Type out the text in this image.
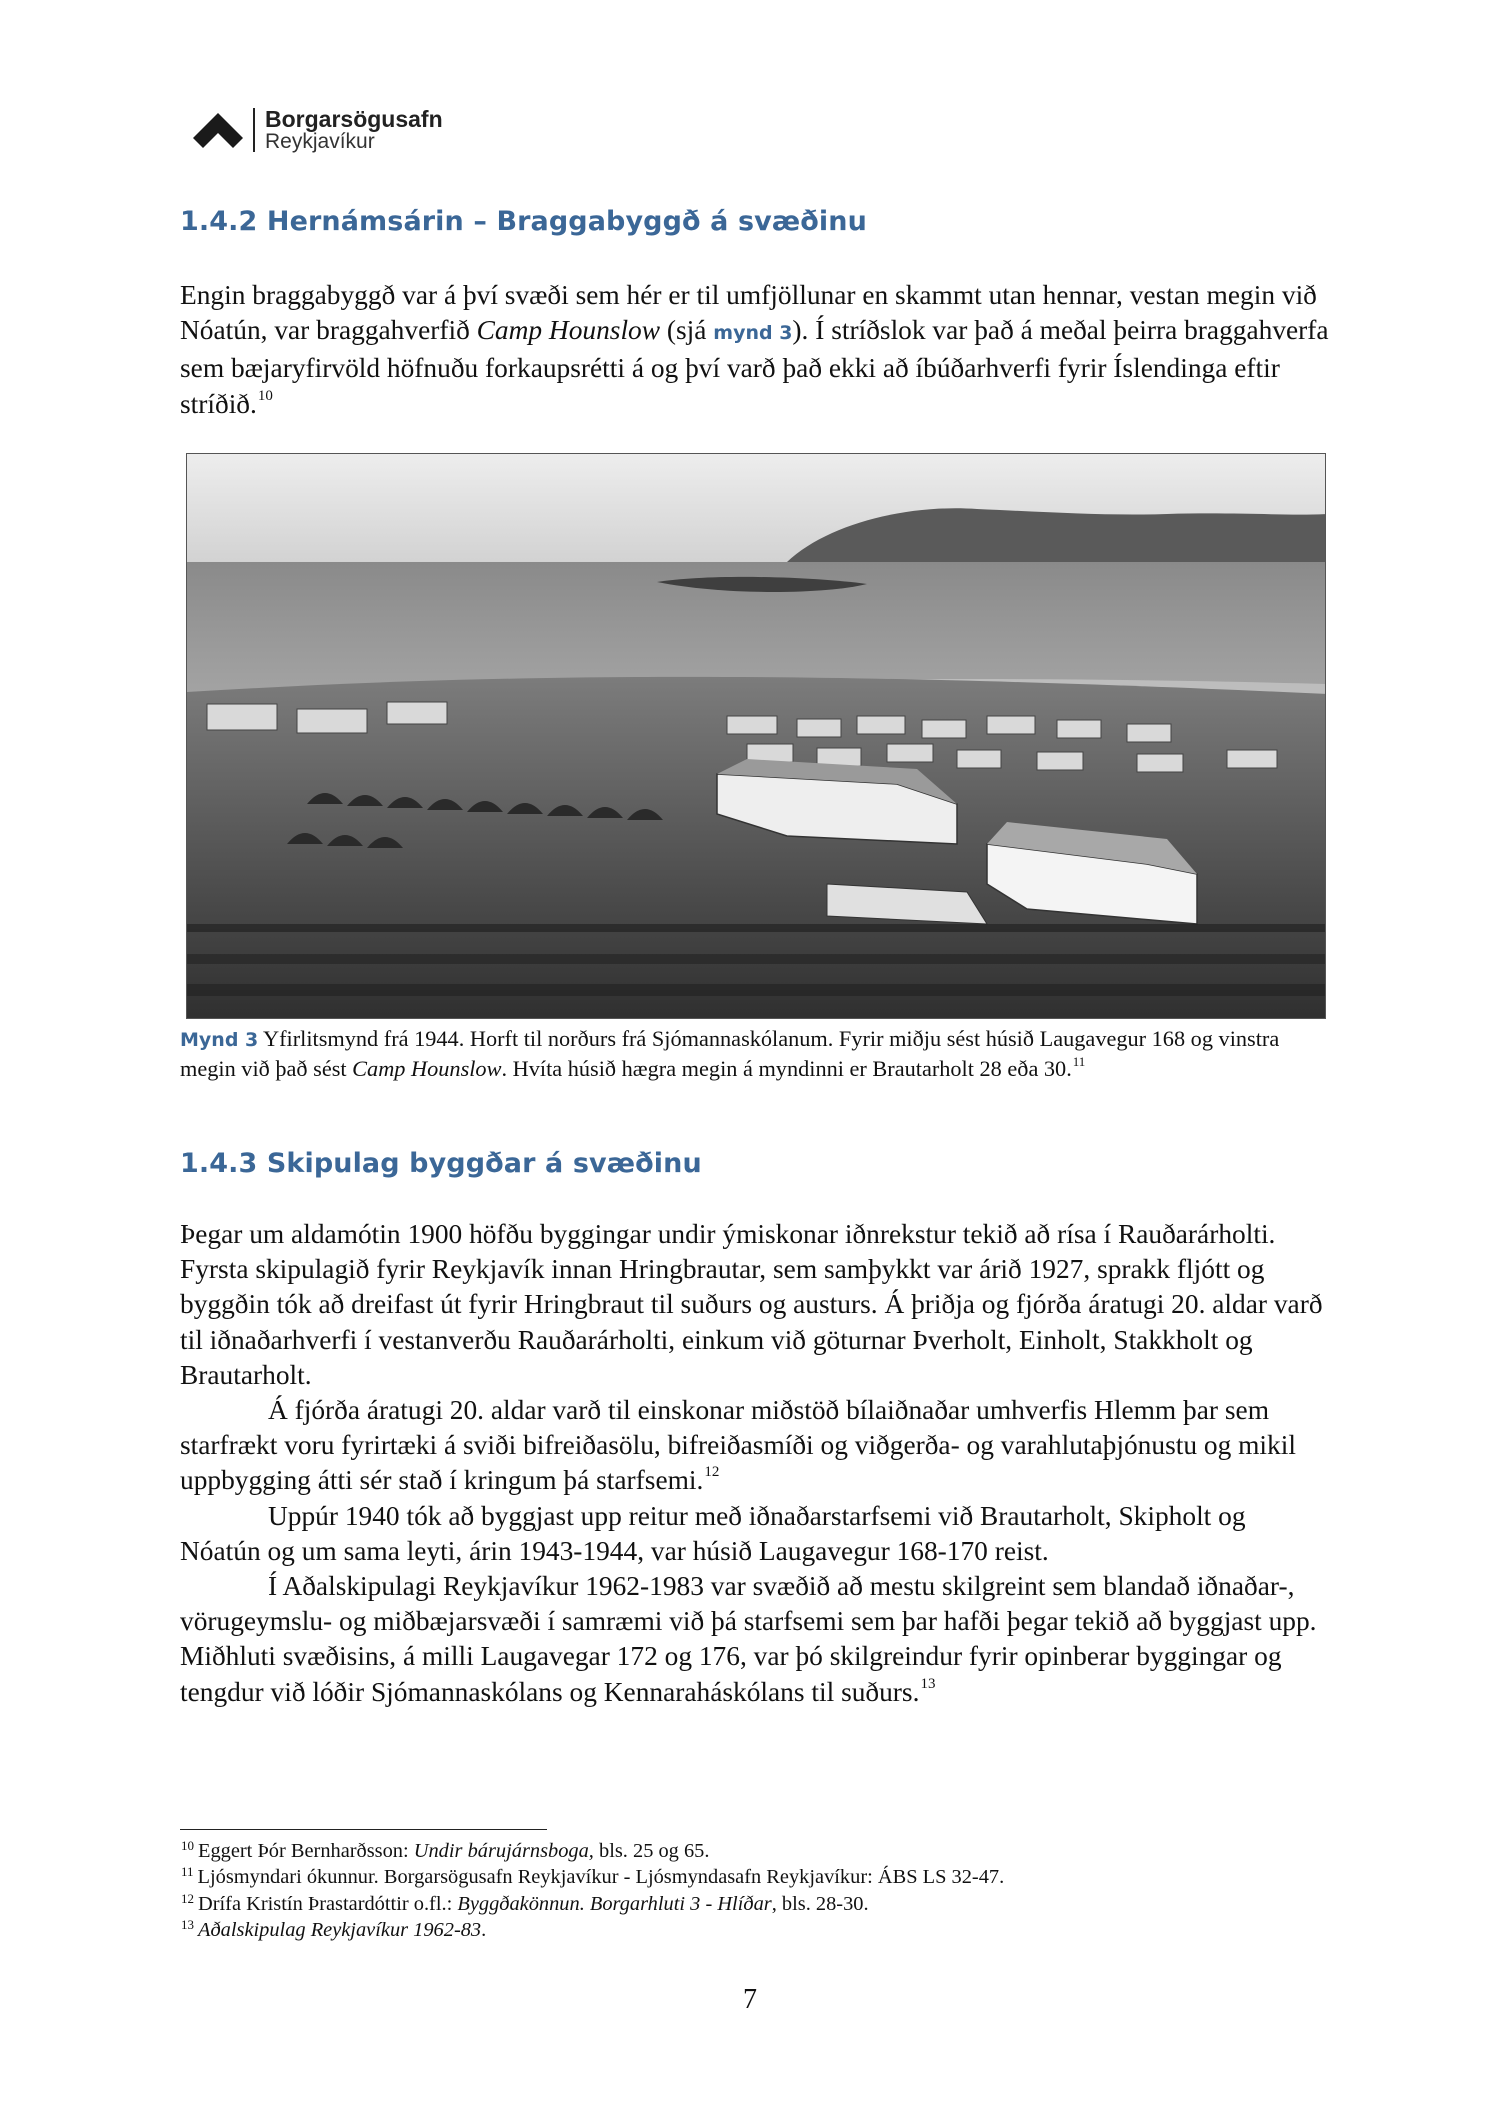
Borgarsögusafn
Reykjavíkur
1.4.2 Hernámsárin – Braggabyggð á svæðinu

Engin braggabyggð var á því svæði sem hér er til umfjöllunar en skammt utan hennar, vestan megin við Nóatún, var braggahverfið Camp Hounslow (sjá mynd 3). Í stríðslok var það á meðal þeirra braggahverfa sem bæjaryfirvöld höfnuðu forkaupsrétti á og því varð það ekki að íbúðarhverfi fyrir Íslendinga eftir stríðið.$^{10}$

Mynd 3 Yfirlitsmynd frá 1944. Horft til norðurs frá Sjómannaskólanum. Fyrir miðju sést húsið Laugavegur 168 og vinstra megin við það sést Camp Hounslow. Hvíta húsið hægra megin á myndinni er Brautarholt 28 eða 30.11
1.4.3 Skipulag byggðar á svæðinu

Þegar um aldamótin 1900 höfðu byggingar undir ýmiskonar iðnrekstur tekið að rísa í Rauðarárholti. Fyrsta skipulagið fyrir Reykjavík innan Hringbrautar, sem samþykkt var árið 1927, sprakk fljótt og byggðin tók að dreifast út fyrir Hringbraut til suðurs og austurs. Á þriðja og fjórða áratugi 20. aldar varð til iðnaðarhverfi í vestanverðu Rauðarárholti, einkum við göturnar Þverholt, Einholt, Stakkholt og Brautarholt.

Á fjórða áratugi 20. aldar varð til einskonar miðstöð bílaiðnaðar umhverfis Hlemm þar sem starfrækt voru fyrirtæki á sviði bifreiðasölu, bifreiðasmíði og viðgerða- og varahlutaþjónustu og mikil uppbygging átti sér stað í kringum þá starfsemi.$^{12}$

Uppúr 1940 tók að byggjast upp reitur með iðnaðarstarfsemi við Brautarholt, Skipholt og Nóatún og um sama leyti, árin 1943-1944, var húsið Laugavegur 168-170 reist.

Í Aðalskipulagi Reykjavíkur 1962-1983 var svæðið að mestu skilgreint sem blandað iðnaðar-, vörugeymslu- og miðbæjarsvæði í samræmi við þá starfsemi sem þar hafði þegar tekið að byggjast upp. Miðhluti svæðisins, á milli Laugavegar 172 og 176, var þó skilgreindur fyrir opinberar byggingar og tengdur við lóðir Sjómannaskólans og Kennaraháskólans til suðurs.$^{13}$

$^{10}$ Eggert Þór Bernharðsson: Undir bárujárnsboga, bls. 25 og 65.
$^{11}$ Ljósmyndari ókunnur. Borgarsögusafn Reykjavíkur - Ljósmyndasafn Reykjavíkur: ÁBS LS 32-47.
$^{12}$ Drífa Kristín Þrastardóttir o.fl.: Byggðakönnun. Borgarhluti 3 - Hlíðar, bls. 28-30.
$^{13}$ Aðalskipulag Reykjavíkur 1962-83.
7
